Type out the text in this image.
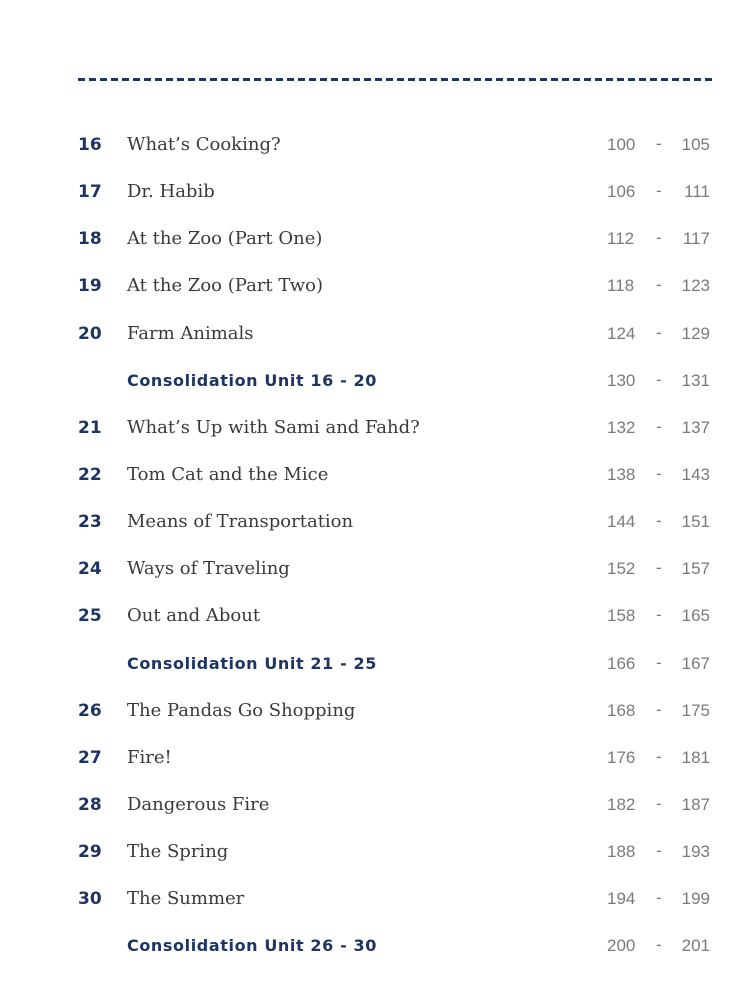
16	What’s Cooking?	100 - 105
17	Dr. Habib	106 - 111
18	At the Zoo (Part One)	112 - 117
19	At the Zoo (Part Two)	118 - 123
20	Farm Animals	124 - 129
Consolidation Unit 16 - 20	130 - 131
21	What’s Up with Sami and Fahd?	132 - 137
22	Tom Cat and the Mice	138 - 143
23	Means of Transportation	144 - 151
24	Ways of Traveling	152 - 157
25	Out and About	158 - 165
Consolidation Unit 21 - 25	166 - 167
26	The Pandas Go Shopping	168 - 175
27	Fire!	176 - 181
28	Dangerous Fire	182 - 187
29	The Spring	188 - 193
30	The Summer	194 - 199
Consolidation Unit 26 - 30	200 - 201
